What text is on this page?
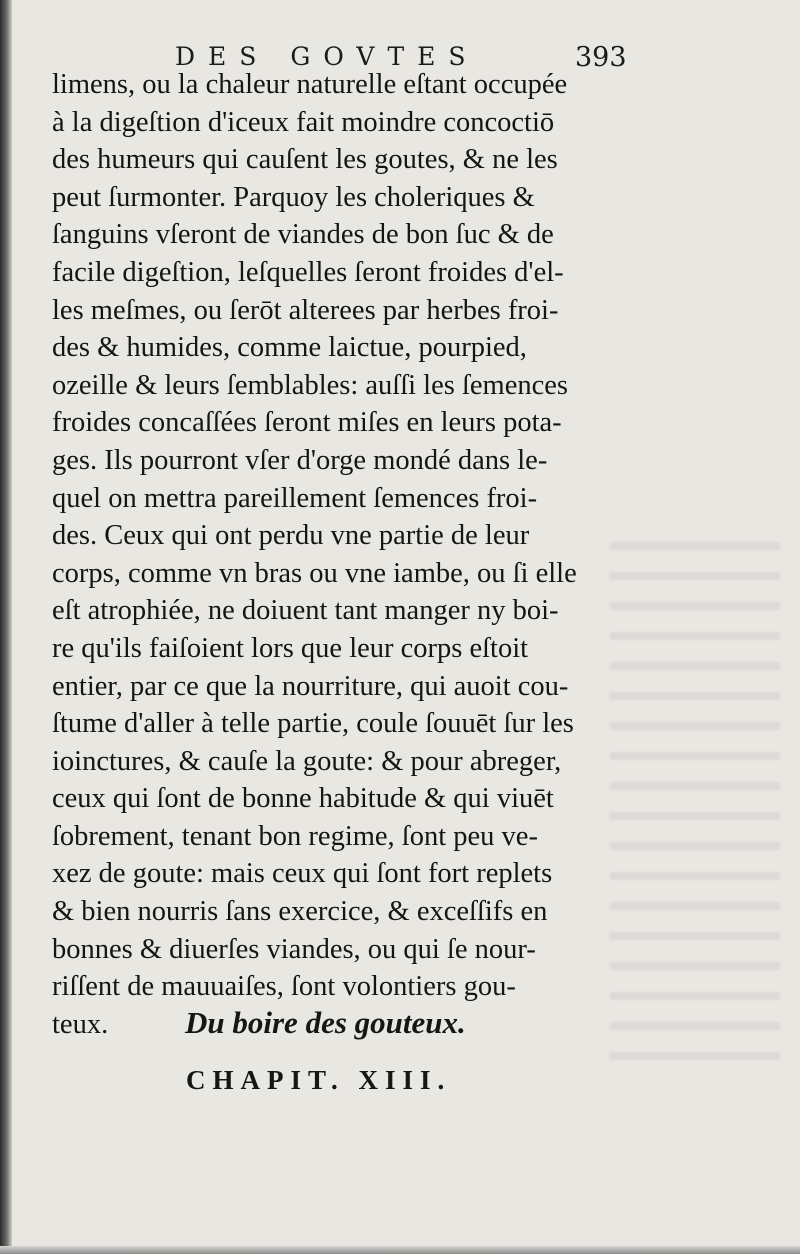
DES GOVTES	393
limens, ou la chaleur naturelle eſtant occupée
à la digeſtion d'iceux fait moindre concoctiō
des humeurs qui cauſent les goutes, & ne les
peut ſurmonter. Parquoy les choleriques &
ſanguins vſeront de viandes de bon ſuc & de
facile digeſtion, leſquelles ſeront froides d'el-
les meſmes, ou ſerōt alterees par herbes froi-
des & humides, comme laictue, pourpied,
ozeille & leurs ſemblables: auſſi les ſemences
froides concaſſées ſeront miſes en leurs pota-
ges. Ils pourront vſer d'orge mondé dans le-
quel on mettra pareillement ſemences froi-
des. Ceux qui ont perdu vne partie de leur
corps, comme vn bras ou vne iambe, ou ſi elle
eſt atrophiée, ne doiuent tant manger ny boi-
re qu'ils faiſoient lors que leur corps eſtoit
entier, par ce que la nourriture, qui auoit cou-
ſtume d'aller à telle partie, coule ſouuēt ſur les
ioinctures, & cauſe la goute: & pour abreger,
ceux qui ſont de bonne habitude & qui viuēt
ſobrement, tenant bon regime, ſont peu ve-
xez de goute: mais ceux qui ſont fort replets
& bien nourris ſans exercice, & exceſſifs en
bonnes & diuerſes viandes, ou qui ſe nour-
riſſent de mauuaiſes, ſont volontiers gou-
teux.	Du boire des gouteux.
CHAPIT. XIII.
